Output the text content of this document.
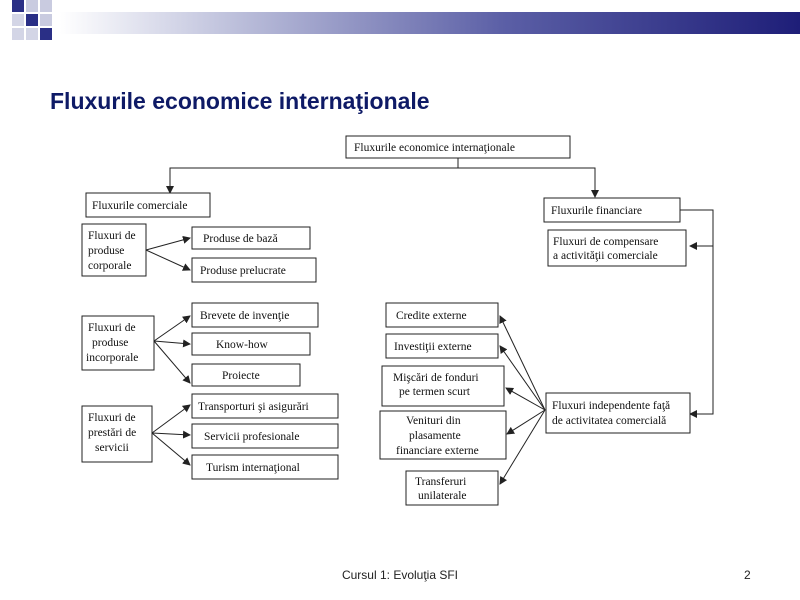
Fluxurile economice internaţionale
Fluxurile economice internaţionale
Fluxurile comerciale	Fluxurile financiare
Fluxuri de
produse
corporale
Produse de bază
Produse prelucrate
Fluxuri de
produse
incorporale
Brevete de invenţie
Know-how
Proiecte
Fluxuri de
prestări de
servicii
Transporturi şi asigurări
Servicii profesionale
Turism internaţional
Fluxuri de compensare
a activităţii comerciale
Fluxuri independente faţă
de activitatea comercială
Credite externe
Investiţii externe
Mişcări de fonduri
pe termen scurt
Venituri din
plasamente
financiare externe
Transferuri
unilaterale
Cursul 1: Evoluţia SFI	2
